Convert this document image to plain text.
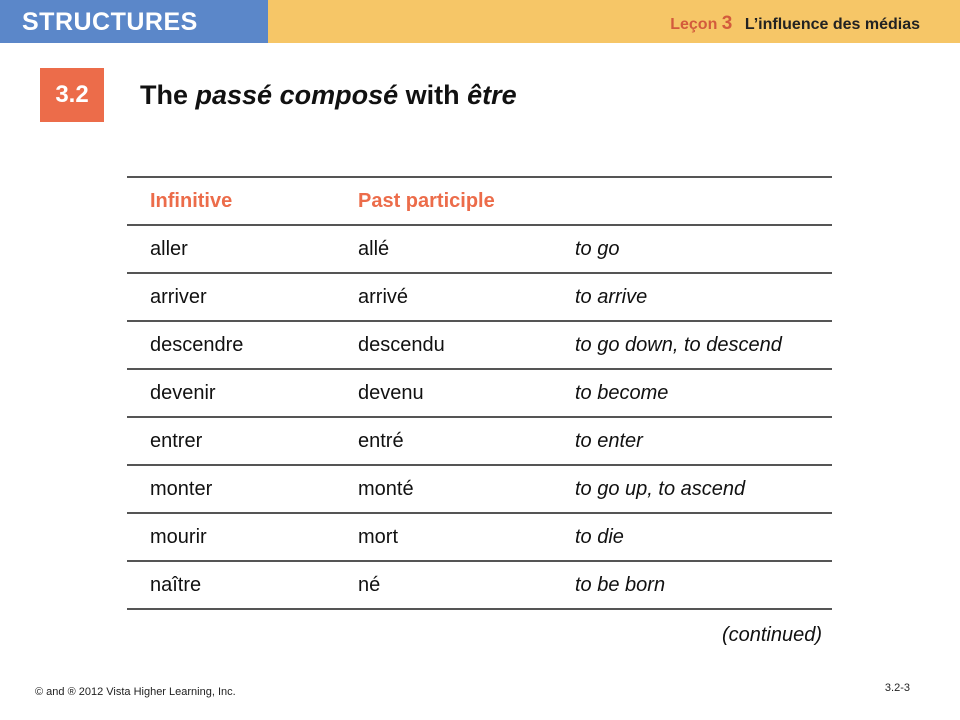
STRUCTURES	Leçon 3 L’influence des médias
3.2	The passé composé with être
Infinitive	Past participle	
aller	allé	to go
arriver	arrivé	to arrive
descendre	descendu	to go down, to descend
devenir	devenu	to become
entrer	entré	to enter
monter	monté	to go up, to ascend
mourir	mort	to die
naître	né	to be born
(continued)
© and ® 2012 Vista Higher Learning, Inc.	3.2-3
